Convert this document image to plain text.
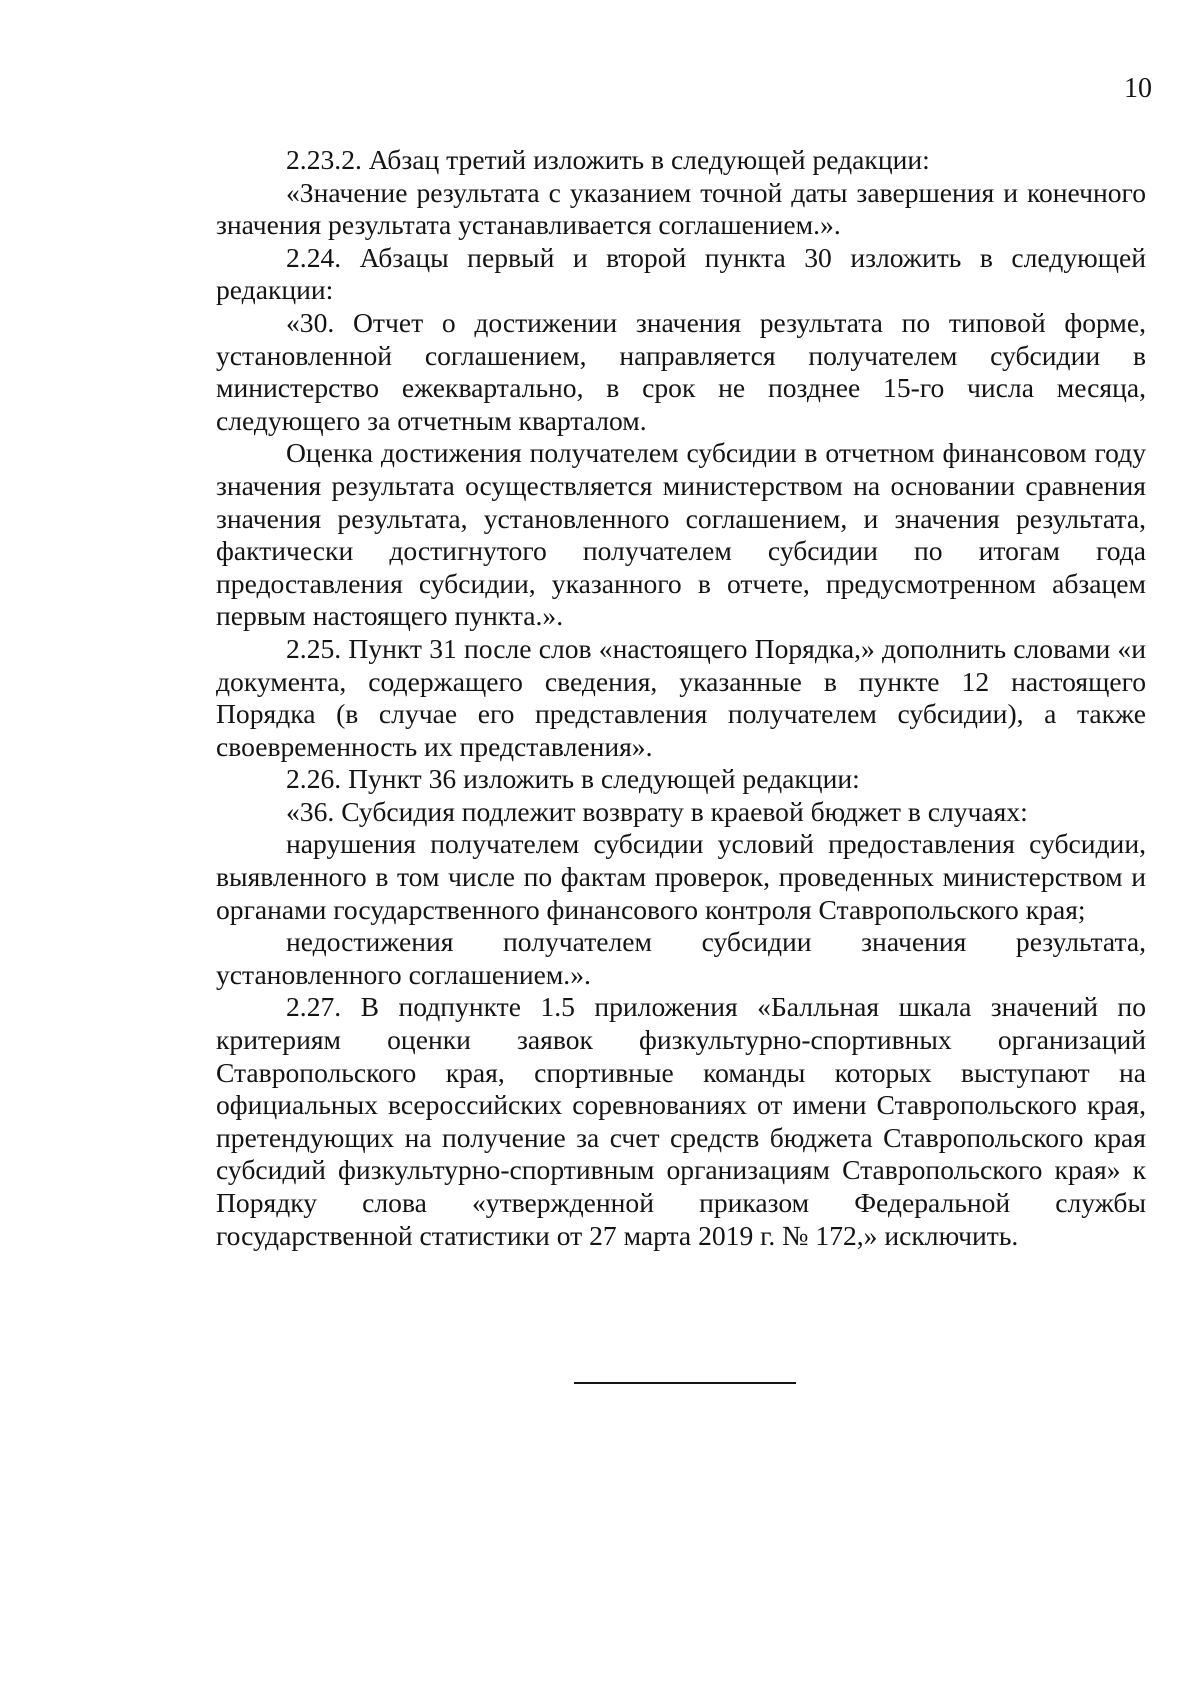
10

2.23.2. Абзац третий изложить в следующей редакции:

«Значение результата с указанием точной даты завершения и конечного значения результата устанавливается соглашением.».

2.24. Абзацы первый и второй пункта 30 изложить в следующей редакции:

«30. Отчет о достижении значения результата по типовой форме, установленной соглашением, направляется получателем субсидии в министерство ежеквартально, в срок не позднее 15-го числа месяца, следующего за отчетным кварталом.

Оценка достижения получателем субсидии в отчетном финансовом году значения результата осуществляется министерством на основании сравнения значения результата, установленного соглашением, и значения результата, фактически достигнутого получателем субсидии по итогам года предоставления субсидии, указанного в отчете, предусмотренном абзацем первым настоящего пункта.».

2.25. Пункт 31 после слов «настоящего Порядка,» дополнить словами «и документа, содержащего сведения, указанные в пункте 12 настоящего Порядка (в случае его представления получателем субсидии), а также своевременность их представления».

2.26. Пункт 36 изложить в следующей редакции:

«36. Субсидия подлежит возврату в краевой бюджет в случаях:

нарушения получателем субсидии условий предоставления субсидии, выявленного в том числе по фактам проверок, проведенных министерством и органами государственного финансового контроля Ставропольского края;

недостижения получателем субсидии значения результата, установленного соглашением.».

2.27. В подпункте 1.5 приложения «Балльная шкала значений по критериям оценки заявок физкультурно-спортивных организаций Ставропольского края, спортивные команды которых выступают на официальных всероссийских соревнованиях от имени Ставропольского края, претендующих на получение за счет средств бюджета Ставропольского края субсидий физкультурно-спортивным организациям Ставропольского края» к Порядку слова «утвержденной приказом Федеральной службы государственной статистики от 27 марта 2019 г. № 172,» исключить.
